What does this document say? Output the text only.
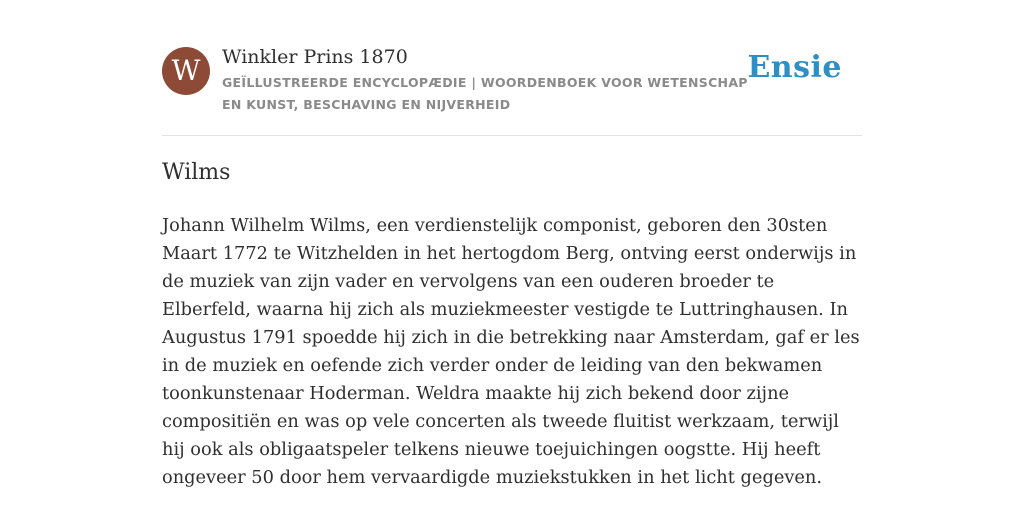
W	Winkler Prins 1870
GEÏLLUSTREERDE ENCYCLOPÆDIE | WOORDENBOEK VOOR WETENSCHAP EN KUNST, BESCHAVING EN NIJVERHEID
Ensie
Wilms

Johann Wilhelm Wilms, een verdienstelijk componist, geboren den 30sten Maart 1772 te Witzhelden in het hertogdom Berg, ontving eerst onderwijs in de muziek van zijn vader en vervolgens van een ouderen broeder te Elberfeld, waarna hij zich als muziekmeester vestigde te Luttringhausen. In Augustus 1791 spoedde hij zich in die betrekking naar Amsterdam, gaf er les in de muziek en oefende zich verder onder de leiding van den bekwamen toonkunstenaar Hoderman. Weldra maakte hij zich bekend door zijne compositiën en was op vele concerten als tweede fluitist werkzaam, terwijl hij ook als obligaatspeler telkens nieuwe toejuichingen oogstte. Hij heeft ongeveer 50 door hem vervaardigde muziekstukken in het licht gegeven.
